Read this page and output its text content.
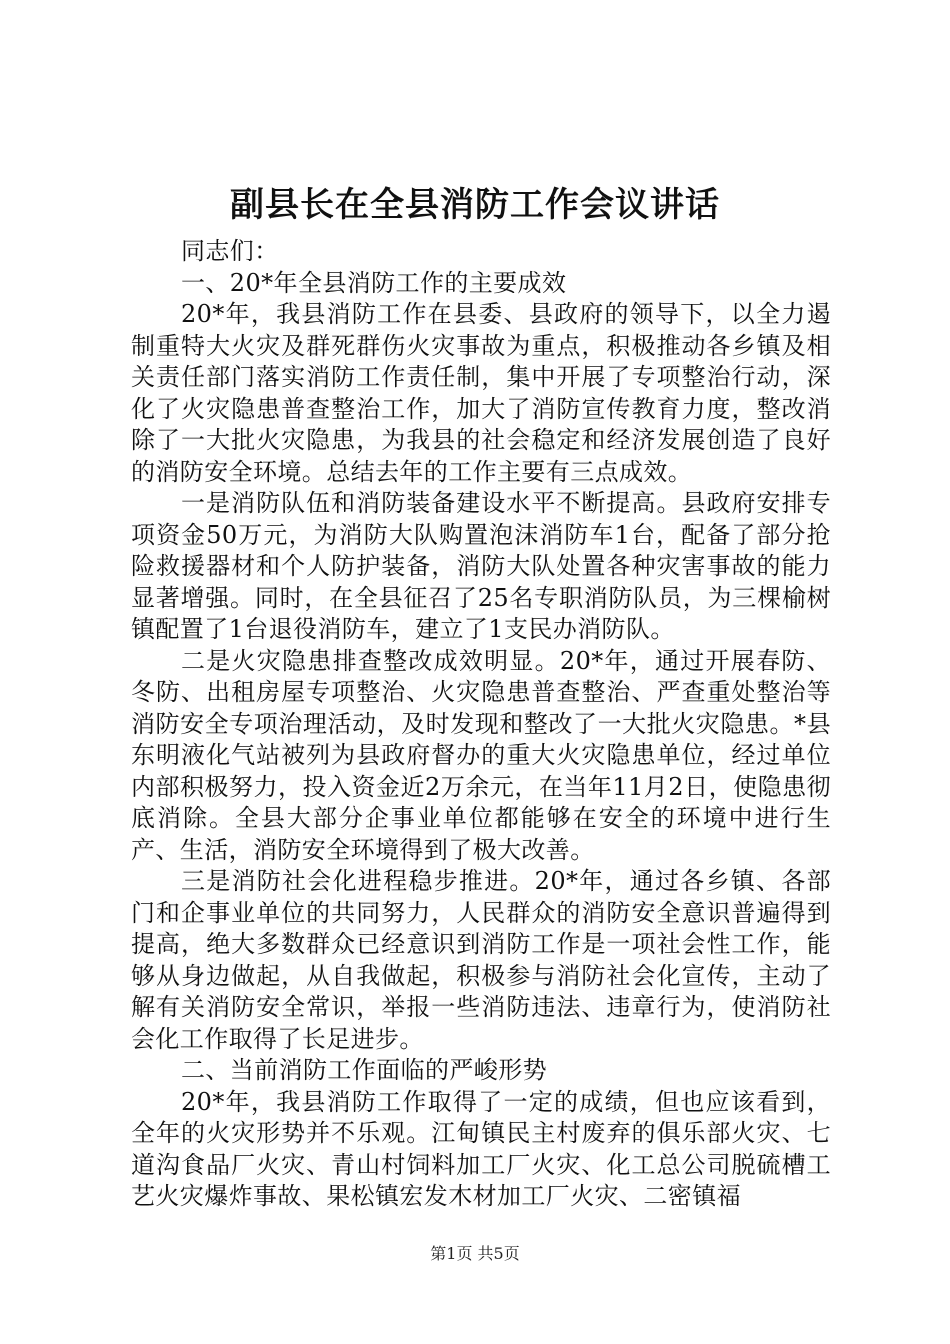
副县长在全县消防工作会议讲话

同志们：

一、20*年全县消防工作的主要成效

20*年，我县消防工作在县委、县政府的领导下，以全力遏制重特大火灾及群死群伤火灾事故为重点，积极推动各乡镇及相关责任部门落实消防工作责任制，集中开展了专项整治行动，深化了火灾隐患普查整治工作，加大了消防宣传教育力度，整改消除了一大批火灾隐患，为我县的社会稳定和经济发展创造了良好的消防安全环境。总结去年的工作主要有三点成效。

一是消防队伍和消防装备建设水平不断提高。县政府安排专项资金50万元，为消防大队购置泡沫消防车1台，配备了部分抢险救援器材和个人防护装备，消防大队处置各种灾害事故的能力显著增强。同时，在全县征召了25名专职消防队员，为三棵榆树镇配置了1台退役消防车，建立了1支民办消防队。

二是火灾隐患排查整改成效明显。20*年，通过开展春防、冬防、出租房屋专项整治、火灾隐患普查整治、严查重处整治等消防安全专项治理活动，及时发现和整改了一大批火灾隐患。*县东明液化气站被列为县政府督办的重大火灾隐患单位，经过单位内部积极努力，投入资金近2万余元，在当年11月2日，使隐患彻底消除。全县大部分企事业单位都能够在安全的环境中进行生产、生活，消防安全环境得到了极大改善。

三是消防社会化进程稳步推进。20*年，通过各乡镇、各部门和企事业单位的共同努力，人民群众的消防安全意识普遍得到提高，绝大多数群众已经意识到消防工作是一项社会性工作，能够从身边做起，从自我做起，积极参与消防社会化宣传，主动了解有关消防安全常识，举报一些消防违法、违章行为，使消防社会化工作取得了长足进步。

二、当前消防工作面临的严峻形势

20*年，我县消防工作取得了一定的成绩，但也应该看到，全年的火灾形势并不乐观。江甸镇民主村废弃的俱乐部火灾、七道沟食品厂火灾、青山村饲料加工厂火灾、化工总公司脱硫槽工艺火灾爆炸事故、果松镇宏发木材加工厂火灾、二密镇福

第1页 共5页
